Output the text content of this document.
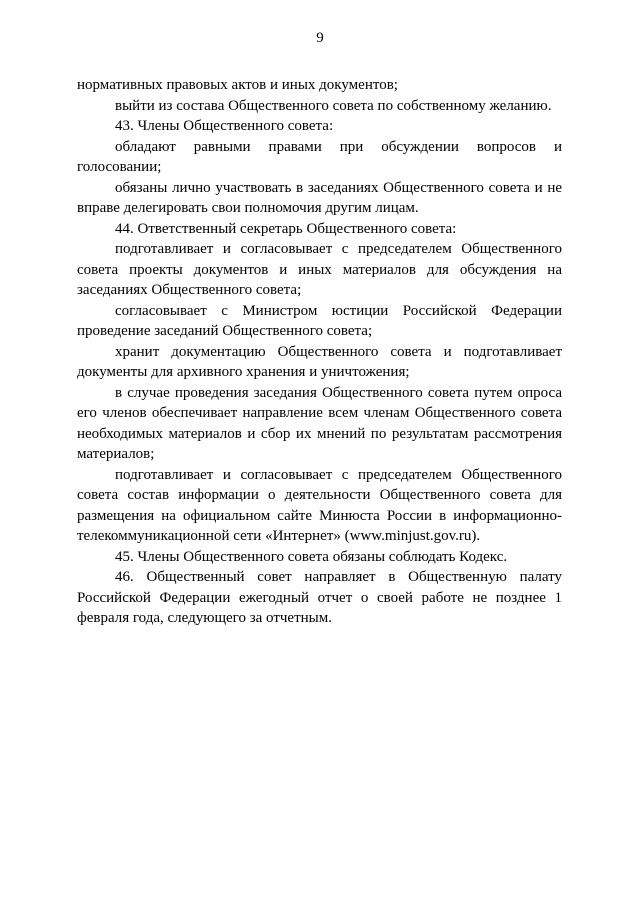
9

нормативных правовых актов и иных документов;

выйти из состава Общественного совета по собственному желанию.

43. Члены Общественного совета:

обладают равными правами при обсуждении вопросов и голосовании;

обязаны лично участвовать в заседаниях Общественного совета и не вправе делегировать свои полномочия другим лицам.

44. Ответственный секретарь Общественного совета:

подготавливает и согласовывает с председателем Общественного совета проекты документов и иных материалов для обсуждения на заседаниях Общественного совета;

согласовывает с Министром юстиции Российской Федерации проведение заседаний Общественного совета;

хранит документацию Общественного совета и подготавливает документы для архивного хранения и уничтожения;

в случае проведения заседания Общественного совета путем опроса его членов обеспечивает направление всем членам Общественного совета необходимых материалов и сбор их мнений по результатам рассмотрения материалов;

подготавливает и согласовывает с председателем Общественного совета состав информации о деятельности Общественного совета для размещения на официальном сайте Минюста России в информационно-телекоммуникационной сети «Интернет» (www.minjust.gov.ru).

45. Члены Общественного совета обязаны соблюдать Кодекс.

46. Общественный совет направляет в Общественную палату Российской Федерации ежегодный отчет о своей работе не позднее 1 февраля года, следующего за отчетным.
